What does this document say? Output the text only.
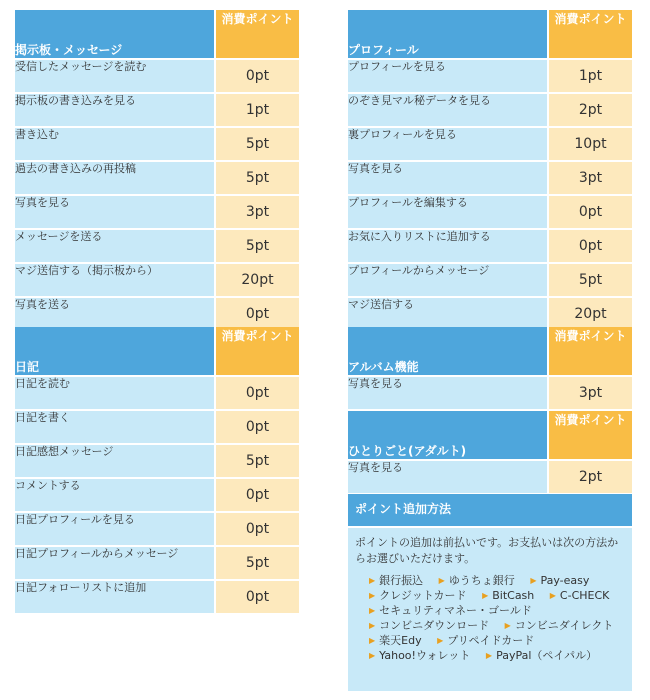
掲示板・メッセージ	消費ポイント
受信したメッセージを読む	0pt
掲示板の書き込みを見る	1pt
書き込む	5pt
過去の書き込みの再投稿	5pt
写真を見る	3pt
メッセージを送る	5pt
マジ送信する（掲示板から）	20pt
写真を送る	0pt
日記	消費ポイント
日記を読む	0pt
日記を書く	0pt
日記感想メッセージ	5pt
コメントする	0pt
日記プロフィールを見る	0pt
日記プロフィールからメッセージ	5pt
日記フォローリストに追加	0pt
プロフィール	消費ポイント
プロフィールを見る	1pt
のぞき見マル秘データを見る	2pt
裏プロフィールを見る	10pt
写真を見る	3pt
プロフィールを編集する	0pt
お気に入りリストに追加する	0pt
プロフィールからメッセージ	5pt
マジ送信する	20pt
アルバム機能	消費ポイント
写真を見る	3pt
ひとりごと(アダルト)	消費ポイント
写真を見る	2pt
ポイント追加方法

ポイントの追加は前払いです。お支払いは次の方法からお選びいただけます。

▶ 銀行振込 ▶ ゆうちょ銀行 ▶ Pay-easy ▶ クレジットカード ▶ BitCash ▶ C-CHECK ▶ セキュリティマネー・ゴールド ▶ コンビニダウンロード ▶ コンビニダイレクト ▶ 楽天Edy ▶ プリペイドカード ▶ Yahoo!ウォレット ▶ PayPal（ペイパル）
